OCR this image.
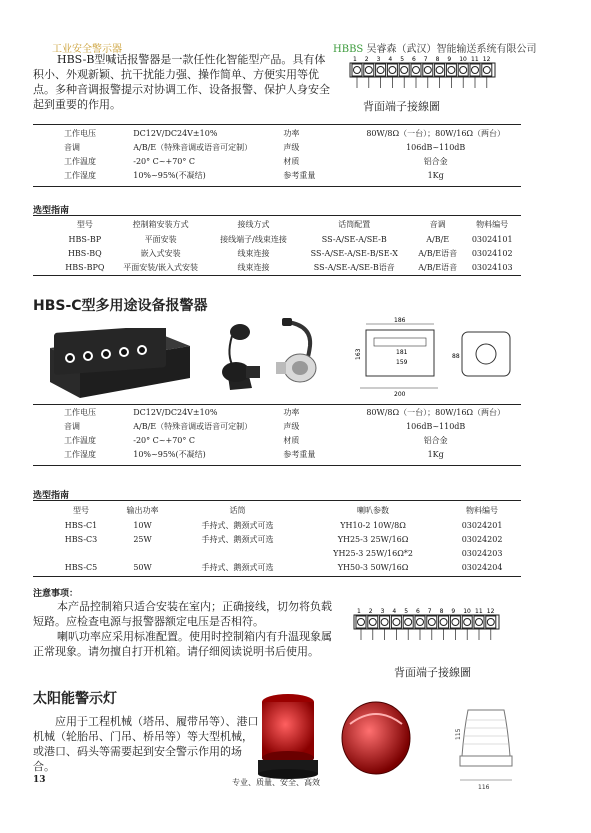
工业安全警示器	HBBS 吴睿森（武汉）智能输送系统有限公司
HBS-B型喊话报警器是一款任性化智能型产品。具有体积小、外观新颖、抗干扰能力强、操作简单、方便实用等优点。多种音调报警提示对协调工作、设备报警、保护人身安全起到重要的作用。
1 2 3 4 5 6 7 8 9 10 11 12
背面端子接線圖
工作电压	DC12V/DC24V±10%	功率	80W/8Ω（一台）；80W/16Ω（两台）
音调	A/B/E（特殊音调或语音可定制）	声级	106dB~110dB
工作温度	-20° C~+70° C	材质	铝合金
工作湿度	10%~95%(不凝结)	参考重量	1Kg
选型指南
型号	控制箱安装方式	接线方式	话筒配置	音调	物料编号
HBS-BP	平面安装	接线端子/线束连接	SS-A/SE-A/SE-B	A/B/E	03024101
HBS-BQ	嵌入式安装	线束连接	SS-A/SE-A/SE-B/SE-X	A/B/E语音	03024102
HBS-BPQ	平面安装/嵌入式安装	线束连接	SS-A/SE-A/SE-B语音	A/B/E语音	03024103
HBS-C型多用途设备报警器
186
181
159
163
200
88
工作电压	DC12V/DC24V±10%	功率	80W/8Ω（一台）；80W/16Ω（两台）
音调	A/B/E（特殊音调或语音可定制）	声级	106dB~110dB
工作温度	-20° C~+70° C	材质	铝合金
工作湿度	10%~95%(不凝结)	参考重量	1Kg
选型指南
型号	输出功率	话筒	喇叭参数	物料编号
HBS-C1	10W	手持式、鹅颈式可选	YH10-2 10W/8Ω	03024201
HBS-C3	25W	手持式、鹅颈式可选	YH25-3 25W/16Ω	03024202
			YH25-3 25W/16Ω*2	03024203
HBS-C5	50W	手持式、鹅颈式可选	YH50-3 50W/16Ω	03024204
注意事项：

本产品控制箱只适合安装在室内；正确接线，切勿将负载短路。应检查电源与报警器额定电压是否相符。

喇叭功率应采用标准配置。使用时控制箱内有升温现象属正常现象。请勿擅自打开机箱。请仔细阅读说明书后使用。

1 2 3 4 5 6 7 8 9 10 11 12
背面端子接線圖
太阳能警示灯
应用于工程机械（塔吊、履带吊等）、港口机械（轮胎吊、门吊、桥吊等）等大型机械，或港口、码头等需要起到安全警示作用的场合。
116
115
13	专业、质量、安全、高效
